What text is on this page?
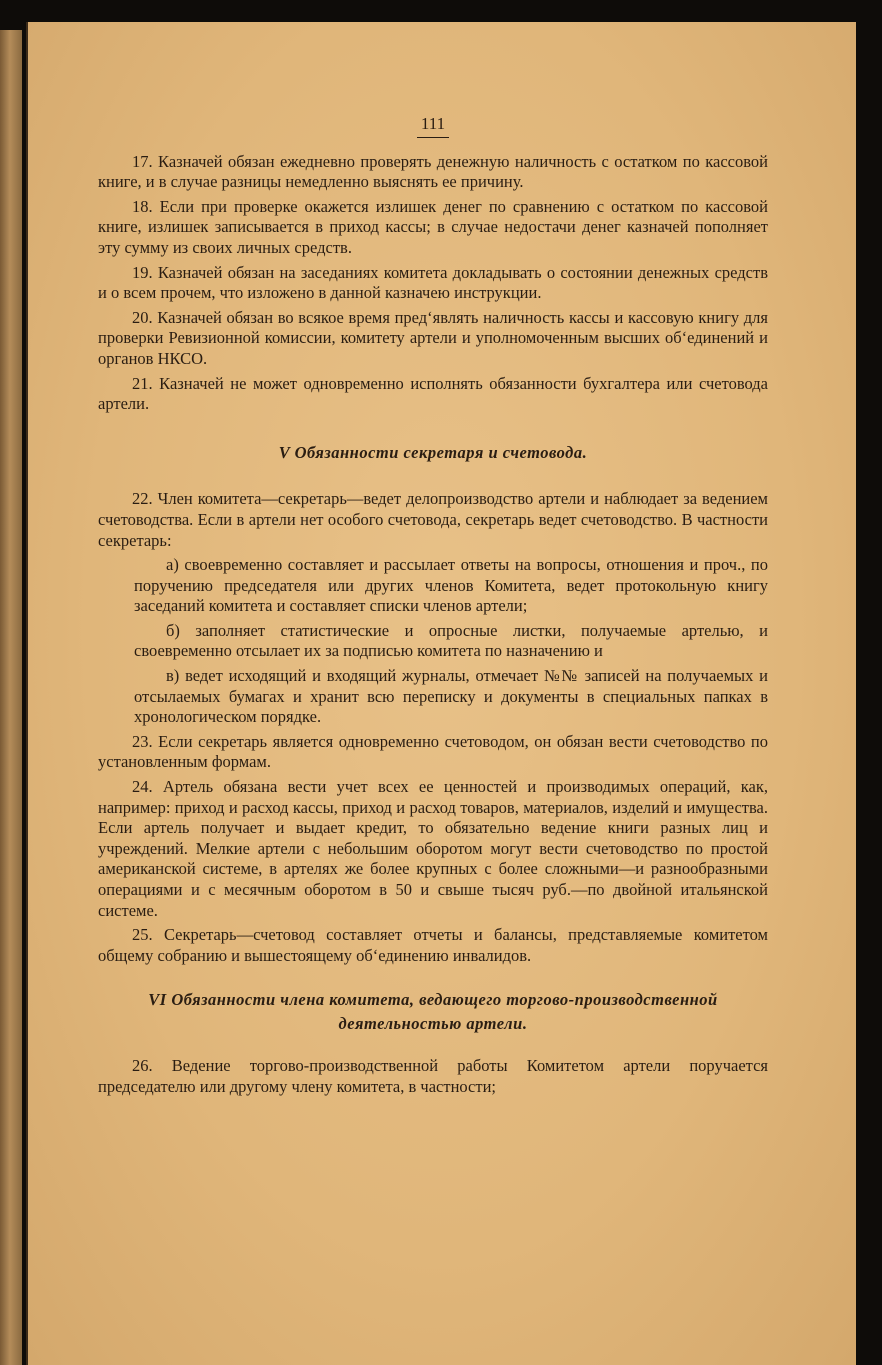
111

17. Казначей обязан ежедневно проверять денежную наличность с остатком по кассовой книге, и в случае разницы немедленно выяснять ее причину.

18. Если при проверке окажется излишек денег по сравнению с остатком по кассовой книге, излишек записывается в приход кассы; в случае недостачи денег казначей пополняет эту сумму из своих личных средств.

19. Казначей обязан на заседаниях комитета докладывать о состоянии денежных средств и о всем прочем, что изложено в данной казначею инструкции.

20. Казначей обязан во всякое время пред‘являть наличность кассы и кассовую книгу для проверки Ревизионной комиссии, комитету артели и уполномоченным высших об‘единений и органов НКСО.

21. Казначей не может одновременно исполнять обязанности бухгалтера или счетовода артели.

V Обязанности секретаря и счетовода.

22. Член комитета—секретарь—ведет делопроизводство артели и наблюдает за ведением счетоводства. Если в артели нет особого счетовода, секретарь ведет счетоводство. В частности секретарь:

а) своевременно составляет и рассылает ответы на вопросы, отношения и проч., по поручению председателя или других членов Комитета, ведет протокольную книгу заседаний комитета и составляет списки членов артели;

б) заполняет статистические и опросные листки, получаемые артелью, и своевременно отсылает их за подписью комитета по назначению и

в) ведет исходящий и входящий журналы, отмечает №№ записей на получаемых и отсылаемых бумагах и хранит всю переписку и документы в специальных папках в хронологическом порядке.

23. Если секретарь является одновременно счетоводом, он обязан вести счетоводство по установленным формам.

24. Артель обязана вести учет всех ее ценностей и производимых операций, как, например: приход и расход кассы, приход и расход товаров, материалов, изделий и имущества. Если артель получает и выдает кредит, то обязательно ведение книги разных лиц и учреждений. Мелкие артели с небольшим оборотом могут вести счетоводство по простой американской системе, в артелях же более крупных с более сложными—и разнообразными операциями и с месячным оборотом в 50 и свыше тысяч руб.—по двойной итальянской системе.

25. Секретарь—счетовод составляет отчеты и балансы, представляемые комитетом общему собранию и вышестоящему об‘единению инвалидов.

VI Обязанности члена комитета, ведающего торгово-производственной
деятельностью артели.

26. Ведение торгово-производственной работы Комитетом артели поручается председателю или другому члену комитета, в частности;
